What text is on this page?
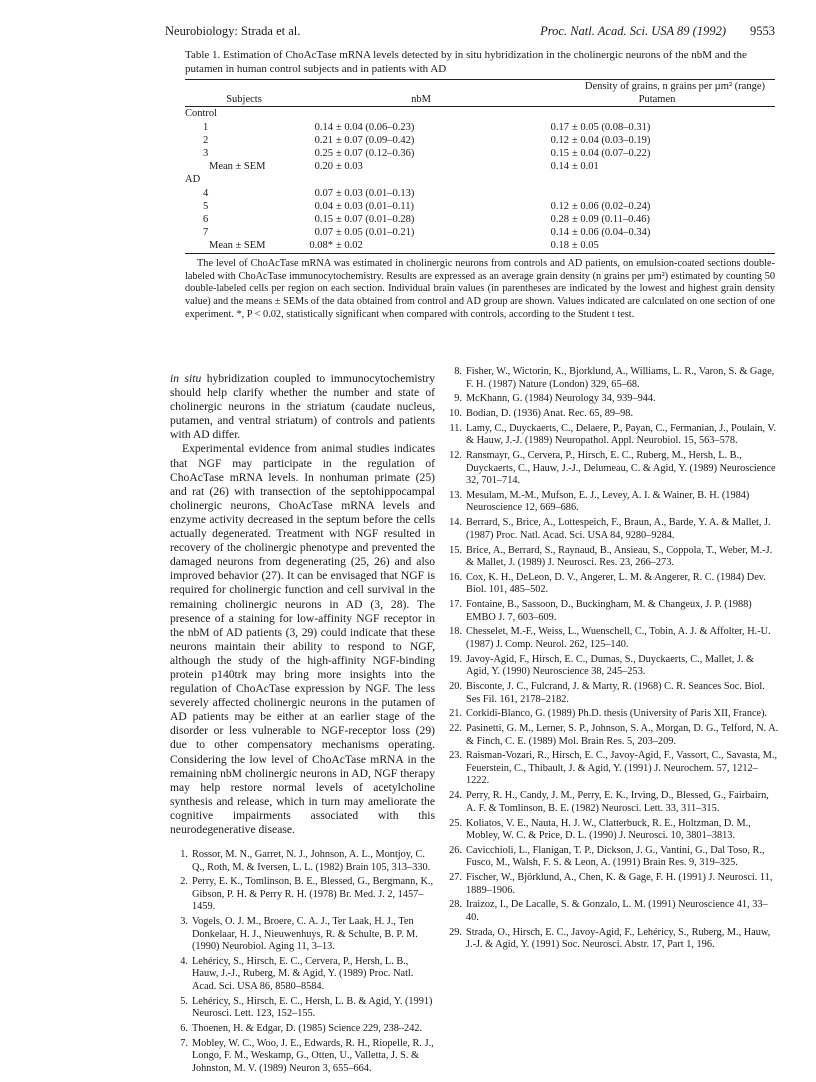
Neurobiology: Strada et al.	Proc. Natl. Acad. Sci. USA 89 (1992) 9553

Table 1. Estimation of ChoAcTase mRNA levels detected by in situ hybridization in the cholinergic neurons of the nbM and the putamen in human control subjects and in patients with AD

	Density of grains, n grains per µm² (range)	
Subjects	nbM	Putamen
Control		
1	0.14 ± 0.04 (0.06–0.23)	0.17 ± 0.05 (0.08–0.31)
2	0.21 ± 0.07 (0.09–0.42)	0.12 ± 0.04 (0.03–0.19)
3	0.25 ± 0.07 (0.12–0.36)	0.15 ± 0.04 (0.07–0.22)
Mean ± SEM	0.20 ± 0.03	0.14 ± 0.01
AD		
4	0.07 ± 0.03 (0.01–0.13)	
5	0.04 ± 0.03 (0.01–0.11)	0.12 ± 0.06 (0.02–0.24)
6	0.15 ± 0.07 (0.01–0.28)	0.28 ± 0.09 (0.11–0.46)
7	0.07 ± 0.05 (0.01–0.21)	0.14 ± 0.06 (0.04–0.34)
Mean ± SEM	0.08* ± 0.02	0.18 ± 0.05

The level of ChoAcTase mRNA was estimated in cholinergic neurons from controls and AD patients, on emulsion-coated sections double-labeled with ChoAcTase immunocytochemistry. Results are expressed as an average grain density (n grains per µm²) estimated by counting 50 double-labeled cells per region on each section. Individual brain values (in parentheses are indicated by the lowest and highest grain density value) and the means ± SEMs of the data obtained from control and AD group are shown. Values indicated are calculated on one section of one experiment. *, P < 0.02, statistically significant when compared with controls, according to the Student t test.

in situ hybridization coupled to immunocytochemistry should help clarify whether the number and state of cholinergic neurons in the striatum (caudate nucleus, putamen, and ventral striatum) of controls and patients with AD differ.

Experimental evidence from animal studies indicates that NGF may participate in the regulation of ChoAcTase mRNA levels. In nonhuman primate (25) and rat (26) with transection of the septohippocampal cholinergic neurons, ChoAcTase mRNA levels and enzyme activity decreased in the septum before the cells actually degenerated. Treatment with NGF resulted in recovery of the cholinergic phenotype and prevented the damaged neurons from degenerating (25, 26) and also improved behavior (27). It can be envisaged that NGF is required for cholinergic function and cell survival in the remaining cholinergic neurons in AD (3, 28). The presence of a staining for low-affinity NGF receptor in the nbM of AD patients (3, 29) could indicate that these neurons maintain their ability to respond to NGF, although the study of the high-affinity NGF-binding protein p140trk may bring more insights into the regulation of ChoAcTase expression by NGF. The less severely affected cholinergic neurons in the putamen of AD patients may be either at an earlier stage of the disorder or less vulnerable to NGF-receptor loss (29) due to other compensatory mechanisms operating. Considering the low level of ChoAcTase mRNA in the remaining nbM cholinergic neurons in AD, NGF therapy may help restore normal levels of acetylcholine synthesis and release, which in turn may ameliorate the cognitive impairments associated with this neurodegenerative disease.

1. Rossor, M. N., Garret, N. J., Johnson, A. L., Montjoy, C. Q., Roth, M. & Iversen, L. L. (1982) Brain 105, 313–330.
2. Perry, E. K., Tomlinson, B. E., Blessed, G., Bergmann, K., Gibson, P. H. & Perry R. H. (1978) Br. Med. J. 2, 1457–1459.
3. Vogels, O. J. M., Broere, C. A. J., Ter Laak, H. J., Ten Donkelaar, H. J., Nieuwenhuys, R. & Schulte, B. P. M. (1990) Neurobiol. Aging 11, 3–13.
4. Lehéricy, S., Hirsch, E. C., Cervera, P., Hersh, L. B., Hauw, J.-J., Ruberg, M. & Agid, Y. (1989) Proc. Natl. Acad. Sci. USA 86, 8580–8584.
5. Lehéricy, S., Hirsch, E. C., Hersh, L. B. & Agid, Y. (1991) Neurosci. Lett. 123, 152–155.
6. Thoenen, H. & Edgar, D. (1985) Science 229, 238–242.
7. Mobley, W. C., Woo, J. E., Edwards, R. H., Riopelle, R. J., Longo, F. M., Weskamp, G., Otten, U., Valletta, J. S. & Johnston, M. V. (1989) Neuron 3, 655–664.
8. Fisher, W., Wictorin, K., Bjorklund, A., Williams, L. R., Varon, S. & Gage, F. H. (1987) Nature (London) 329, 65–68.
9. McKhann, G. (1984) Neurology 34, 939–944.
10. Bodian, D. (1936) Anat. Rec. 65, 89–98.
11. Lamy, C., Duyckaerts, C., Delaere, P., Payan, C., Fermanian, J., Poulain, V. & Hauw, J.-J. (1989) Neuropathol. Appl. Neurobiol. 15, 563–578.
12. Ransmayr, G., Cervera, P., Hirsch, E. C., Ruberg, M., Hersh, L. B., Duyckaerts, C., Hauw, J.-J., Delumeau, C. & Agid, Y. (1989) Neuroscience 32, 701–714.
13. Mesulam, M.-M., Mufson, E. J., Levey, A. I. & Wainer, B. H. (1984) Neuroscience 12, 669–686.
14. Berrard, S., Brice, A., Lottespeich, F., Braun, A., Barde, Y. A. & Mallet, J. (1987) Proc. Natl. Acad. Sci. USA 84, 9280–9284.
15. Brice, A., Berrard, S., Raynaud, B., Ansieau, S., Coppola, T., Weber, M.-J. & Mallet, J. (1989) J. Neurosci. Res. 23, 266–273.
16. Cox, K. H., DeLeon, D. V., Angerer, L. M. & Angerer, R. C. (1984) Dev. Biol. 101, 485–502.
17. Fontaine, B., Sassoon, D., Buckingham, M. & Changeux, J. P. (1988) EMBO J. 7, 603–609.
18. Chesselet, M.-F., Weiss, L., Wuenschell, C., Tobin, A. J. & Affolter, H.-U. (1987) J. Comp. Neurol. 262, 125–140.
19. Javoy-Agid, F., Hirsch, E. C., Dumas, S., Duyckaerts, C., Mallet, J. & Agid, Y. (1990) Neuroscience 38, 245–253.
20. Bisconte, J. C., Fulcrand, J. & Marty, R. (1968) C. R. Seances Soc. Biol. Ses Fil. 161, 2178–2182.
21. Corkidi-Blanco, G. (1989) Ph.D. thesis (University of Paris XII, France).
22. Pasinetti, G. M., Lerner, S. P., Johnson, S. A., Morgan, D. G., Telford, N. A. & Finch, C. E. (1989) Mol. Brain Res. 5, 203–209.
23. Raisman-Vozari, R., Hirsch, E. C., Javoy-Agid, F., Vassort, C., Savasta, M., Feuerstein, C., Thibault, J. & Agid, Y. (1991) J. Neurochem. 57, 1212–1222.
24. Perry, R. H., Candy, J. M., Perry, E. K., Irving, D., Blessed, G., Fairbairn, A. F. & Tomlinson, B. E. (1982) Neurosci. Lett. 33, 311–315.
25. Koliatos, V. E., Nauta, H. J. W., Clatterbuck, R. E., Holtzman, D. M., Mobley, W. C. & Price, D. L. (1990) J. Neurosci. 10, 3801–3813.
26. Cavicchioli, L., Flanigan, T. P., Dickson, J. G., Vantini, G., Dal Toso, R., Fusco, M., Walsh, F. S. & Leon, A. (1991) Brain Res. 9, 319–325.
27. Fischer, W., Björklund, A., Chen, K. & Gage, F. H. (1991) J. Neurosci. 11, 1889–1906.
28. Iraizoz, I., De Lacalle, S. & Gonzalo, L. M. (1991) Neuroscience 41, 33–40.
29. Strada, O., Hirsch, E. C., Javoy-Agid, F., Lehéricy, S., Ruberg, M., Hauw, J.-J. & Agid, Y. (1991) Soc. Neurosci. Abstr. 17, Part 1, 196.
